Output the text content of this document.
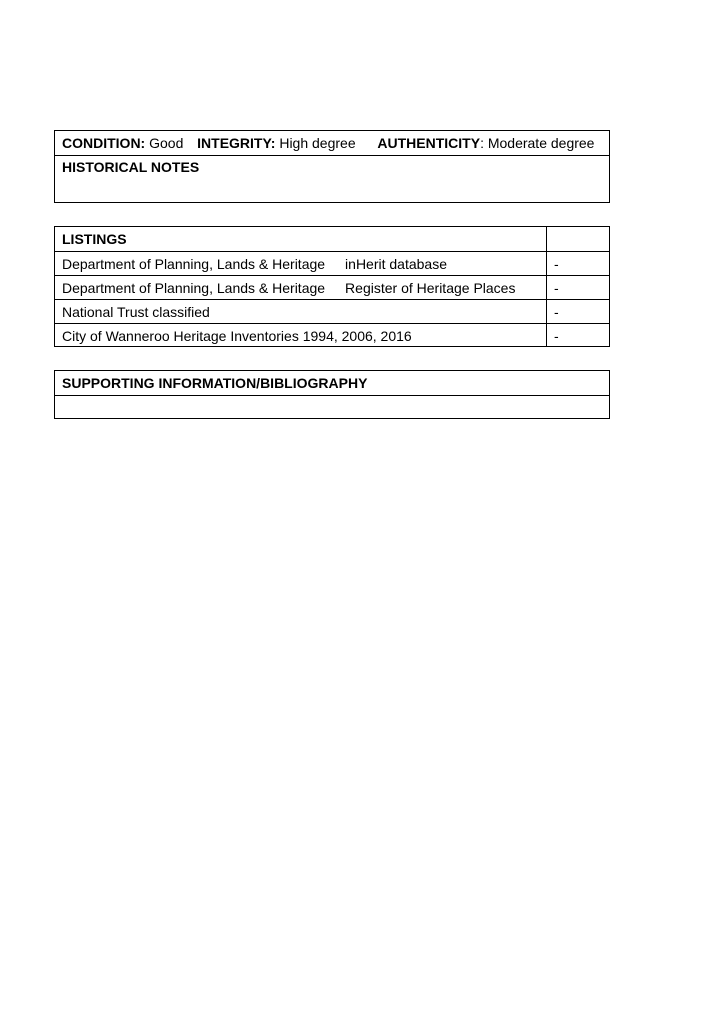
CONDITION: Good INTEGRITY: High degree AUTHENTICITY: Moderate degree
HISTORICAL NOTES
LISTINGS
Department of Planning, Lands & Heritage inHerit database	-
Department of Planning, Lands & Heritage Register of Heritage Places	-
National Trust classified	-
City of Wanneroo Heritage Inventories 1994, 2006, 2016	-
SUPPORTING INFORMATION/BIBLIOGRAPHY
